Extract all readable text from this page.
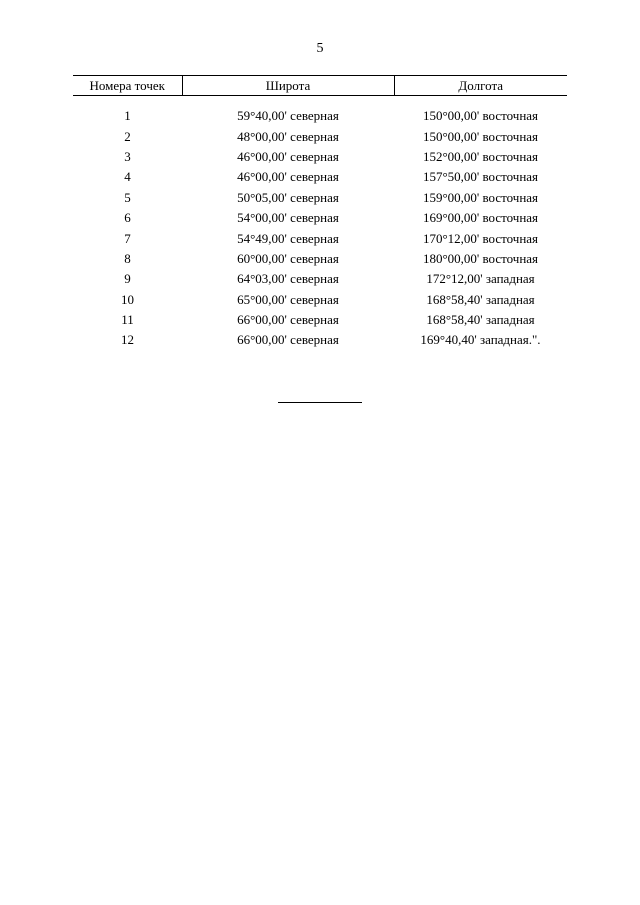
5
Номера точек	Широта	Долгота

1	59°40,00' северная	150°00,00' восточная
2	48°00,00' северная	150°00,00' восточная
3	46°00,00' северная	152°00,00' восточная
4	46°00,00' северная	157°50,00' восточная
5	50°05,00' северная	159°00,00' восточная
6	54°00,00' северная	169°00,00' восточная
7	54°49,00' северная	170°12,00' восточная
8	60°00,00' северная	180°00,00' восточная
9	64°03,00' северная	172°12,00' западная
10	65°00,00' северная	168°58,40' западная
11	66°00,00' северная	168°58,40' западная
12	66°00,00' северная	169°40,40' западная.".
